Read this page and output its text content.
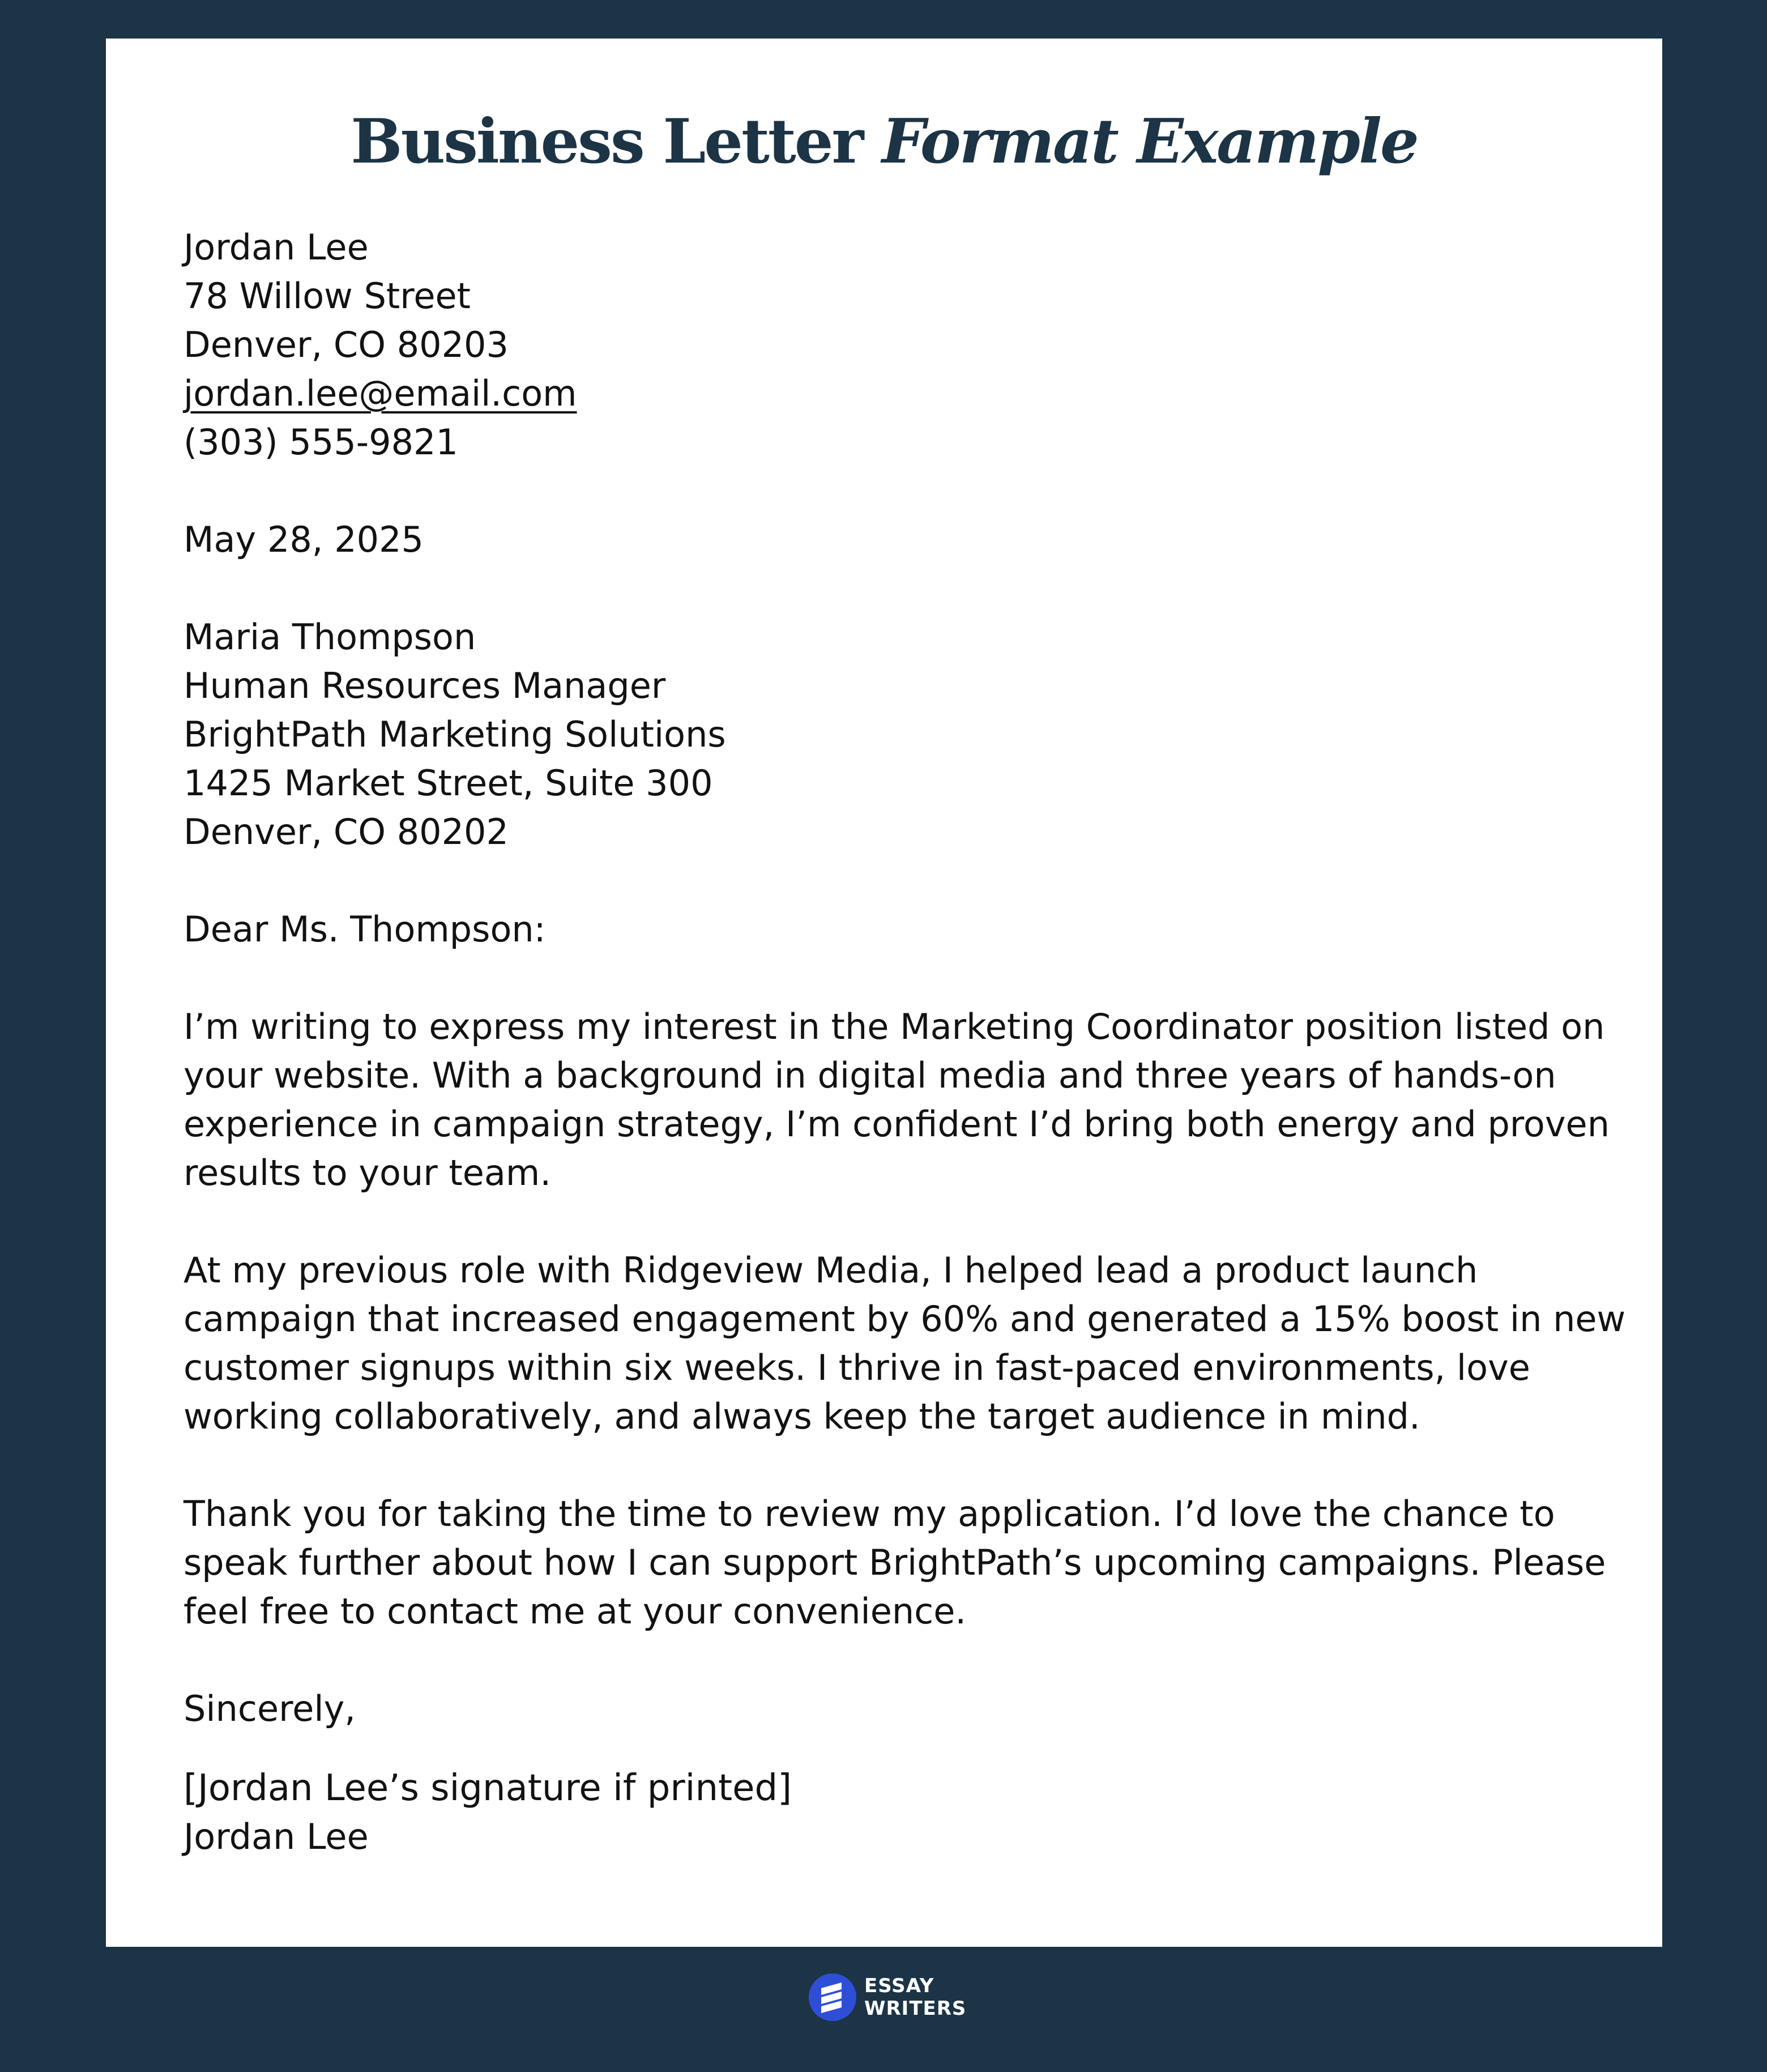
Business Letter Format Example
Jordan Lee
78 Willow Street
Denver, CO 80203
jordan.lee@email.com
(303) 555-9821
May 28, 2025
Maria Thompson
Human Resources Manager
BrightPath Marketing Solutions
1425 Market Street, Suite 300
Denver, CO 80202
Dear Ms. Thompson:
I’m writing to express my interest in the Marketing Coordinator position listed on
your website. With a background in digital media and three years of hands-on
experience in campaign strategy, I’m confident I’d bring both energy and proven
results to your team.
At my previous role with Ridgeview Media, I helped lead a product launch
campaign that increased engagement by 60% and generated a 15% boost in new
customer signups within six weeks. I thrive in fast-paced environments, love
working collaboratively, and always keep the target audience in mind.
Thank you for taking the time to review my application. I’d love the chance to
speak further about how I can support BrightPath’s upcoming campaigns. Please
feel free to contact me at your convenience.
Sincerely,
[Jordan Lee’s signature if printed]
Jordan Lee
ESSAY
WRITERS
